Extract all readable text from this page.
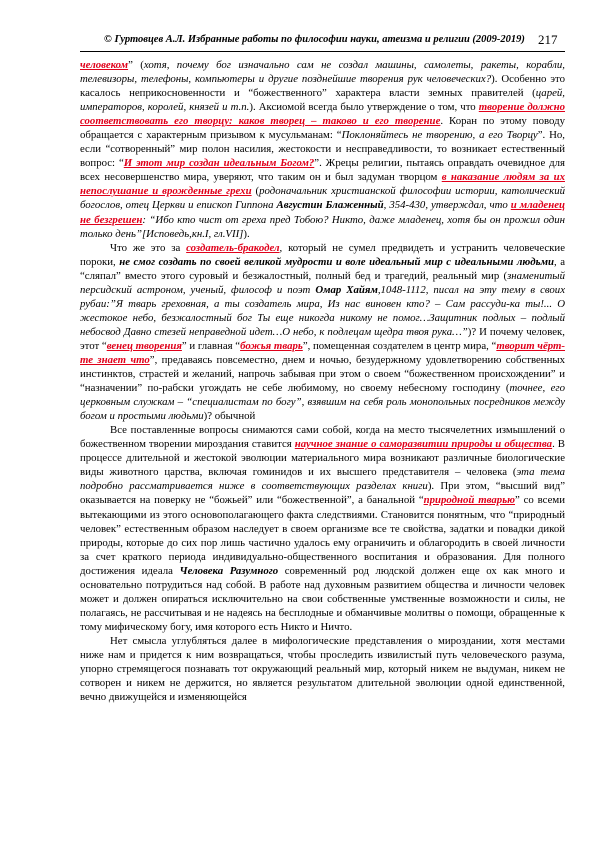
© Гуртовцев А.Л. Избранные работы по философии науки, атеизма и религии (2009-2019) 217

человеком” (хотя, почему бог изначально сам не создал машины, самолеты, ракеты, корабли, телевизоры, телефоны, компьютеры и другие позднейшие творения рук человеческих?). Особенно это касалось неприкосновенности и “божественного” характера власти земных правителей (царей, императоров, королей, князей и т.п.). Аксиомой всегда было утверждение о том, что творение должно соответствовать его творцу: каков творец – таково и его творение. Коран по этому поводу обращается с характерным призывом к мусульманам: “Поклоняйтесь не творению, а его Творцу”. Но, если “сотворенный” мир полон насилия, жестокости и несправедливости, то возникает естественный вопрос: “И этот мир создан идеальным Богом?”. Жрецы религии, пытаясь оправдать очевидное для всех несовершенство мира, уверяют, что таким он и был задуман творцом в наказание людям за их непослушание и врожденные грехи (родоначальник христианской философии истории, католический богослов, отец Церкви и епископ Гиппона Августин Блаженный, 354-430, утверждал, что и младенец не безгрешен: “Ибо кто чист от греха пред Тобою? Никто, даже младенец, хотя бы он прожил один только день”[Исповедь,кн.I, гл.VII]).

Что же это за создатель-бракодел, который не сумел предвидеть и устранить человеческие пороки, не смог создать по своей великой мудрости и воле идеальный мир с идеальными людьми, а “сляпал” вместо этого суровый и безжалостный, полный бед и трагедий, реальный мир (знаменитый персидский астроном, ученый, философ и поэт Омар Хайям,1048-1112, писал на эту тему в своих рубаи:”Я тварь греховная, а ты создатель мира, Из нас виновен кто? – Сам рассуди-ка ты!... О жестокое небо, безжалостный бог Ты еще никогда никому не помог…Защитник подлых – подлый небосвод Давно стезей неправедной идет…О небо, к подлецам щедра твоя рука…”)? И почему человек, этот “венец творения” и главная “божья тварь”, помещенная создателем в центр мира, “творит чёрт-те знает что”, предаваясь повсеместно, днем и ночью, безудержному удовлетворению собственных инстинктов, страстей и желаний, напрочь забывая при этом о своем “божественном происхождении” и “назначении” по-рабски угождать не себе любимому, но своему небесному господину (точнее, его церковным служкам – “специалистам по богу”, взявшим на себя роль монопольных посредников между богом и простыми людьми)? обычной

Все поставленные вопросы снимаются сами собой, когда на место тысячелетних измышлений о божественном творении мироздания ставится научное знание о саморазвитии природы и общества. В процессе длительной и жестокой эволюции материального мира возникают различные биологические виды животного царства, включая гоминидов и их высшего представителя – человека (эта тема подробно рассматривается ниже в соответствующих разделах книги). При этом, “высший вид” оказывается на поверку не “божьей” или “божественной”, а банальной “природной тварью” со всеми вытекающими из этого основополагающего факта следствиями. Становится понятным, что “природный человек” естественным образом наследует в своем организме все те свойства, задатки и повадки дикой природы, которые до сих пор лишь частично удалось ему ограничить и облагородить в своей личности за счет краткого периода индивидуально-общественного воспитания и образования. Для полного достижения идеала Человека Разумного современный род людской должен еще ох как много и основательно потрудиться над собой. В работе над духовным развитием общества и личности человек может и должен опираться исключительно на свои собственные умственные возможности и силы, не полагаясь, не рассчитывая и не надеясь на бесплодные и обманчивые молитвы о помощи, обращенные к тому мифическому богу, имя которого есть Никто и Ничто.

Нет смысла углубляться далее в мифологические представления о мироздании, хотя местами ниже нам и придется к ним возвращаться, чтобы проследить извилистый путь человеческого разума, упорно стремящегося познавать тот окружающий реальный мир, который никем не выдуман, никем не сотворен и никем не держится, но является результатом длительной эволюции одной единственной, вечно движущейся и изменяющейся
